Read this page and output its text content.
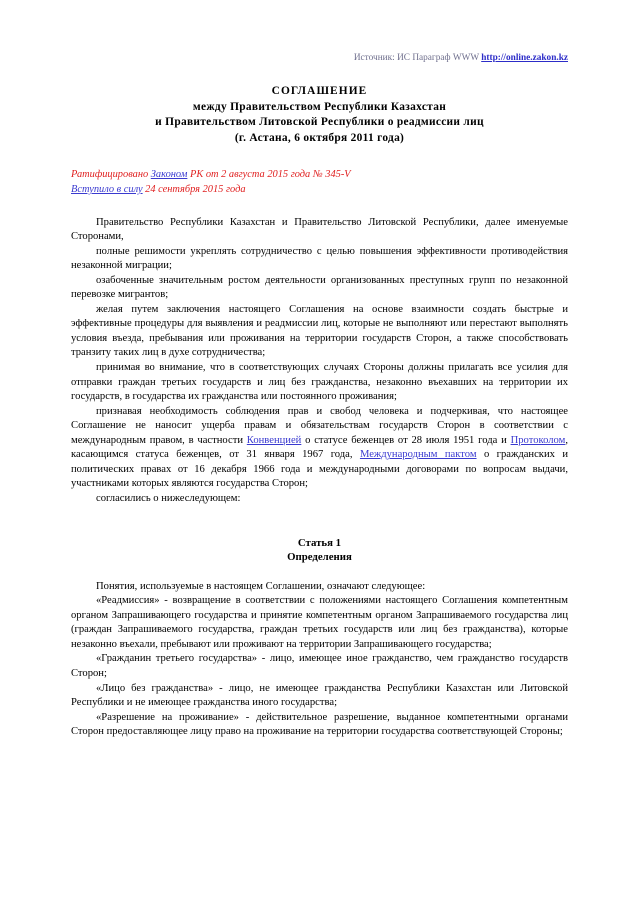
Источник: ИС Параграф WWW http://online.zakon.kz
СОГЛАШЕНИЕ
между Правительством Республики Казахстан
и Правительством Литовской Республики о реадмиссии лиц
(г. Астана, 6 октября 2011 года)
Ратифицировано Законом РК от 2 августа 2015 года № 345-V
Вступило в силу 24 сентября 2015 года

Правительство Республики Казахстан и Правительство Литовской Республики, далее именуемые Сторонами,

полные решимости укреплять сотрудничество с целью повышения эффективности противодействия незаконной миграции;

озабоченные значительным ростом деятельности организованных преступных групп по незаконной перевозке мигрантов;

желая путем заключения настоящего Соглашения на основе взаимности создать быстрые и эффективные процедуры для выявления и реадмиссии лиц, которые не выполняют или перестают выполнять условия въезда, пребывания или проживания на территории государств Сторон, а также способствовать транзиту таких лиц в духе сотрудничества;

принимая во внимание, что в соответствующих случаях Стороны должны прилагать все усилия для отправки граждан третьих государств и лиц без гражданства, незаконно въехавших на территории их государств, в государства их гражданства или постоянного проживания;

признавая необходимость соблюдения прав и свобод человека и подчеркивая, что настоящее Соглашение не наносит ущерба правам и обязательствам государств Сторон в соответствии с международным правом, в частности Конвенцией о статусе беженцев от 28 июля 1951 года и Протоколом, касающимся статуса беженцев, от 31 января 1967 года, Международным пактом о гражданских и политических правах от 16 декабря 1966 года и международными договорами по вопросам выдачи, участниками которых являются государства Сторон;

согласились о нижеследующем:

Статья 1
Определения

Понятия, используемые в настоящем Соглашении, означают следующее:

«Реадмиссия» - возвращение в соответствии с положениями настоящего Соглашения компетентным органом Запрашивающего государства и принятие компетентным органом Запрашиваемого государства лиц (граждан Запрашиваемого государства, граждан третьих государств или лиц без гражданства), которые незаконно въехали, пребывают или проживают на территории Запрашивающего государства;

«Гражданин третьего государства» - лицо, имеющее иное гражданство, чем гражданство государств Сторон;

«Лицо без гражданства» - лицо, не имеющее гражданства Республики Казахстан или Литовской Республики и не имеющее гражданства иного государства;

«Разрешение на проживание» - действительное разрешение, выданное компетентными органами Сторон предоставляющее лицу право на проживание на территории государства соответствующей Стороны;
